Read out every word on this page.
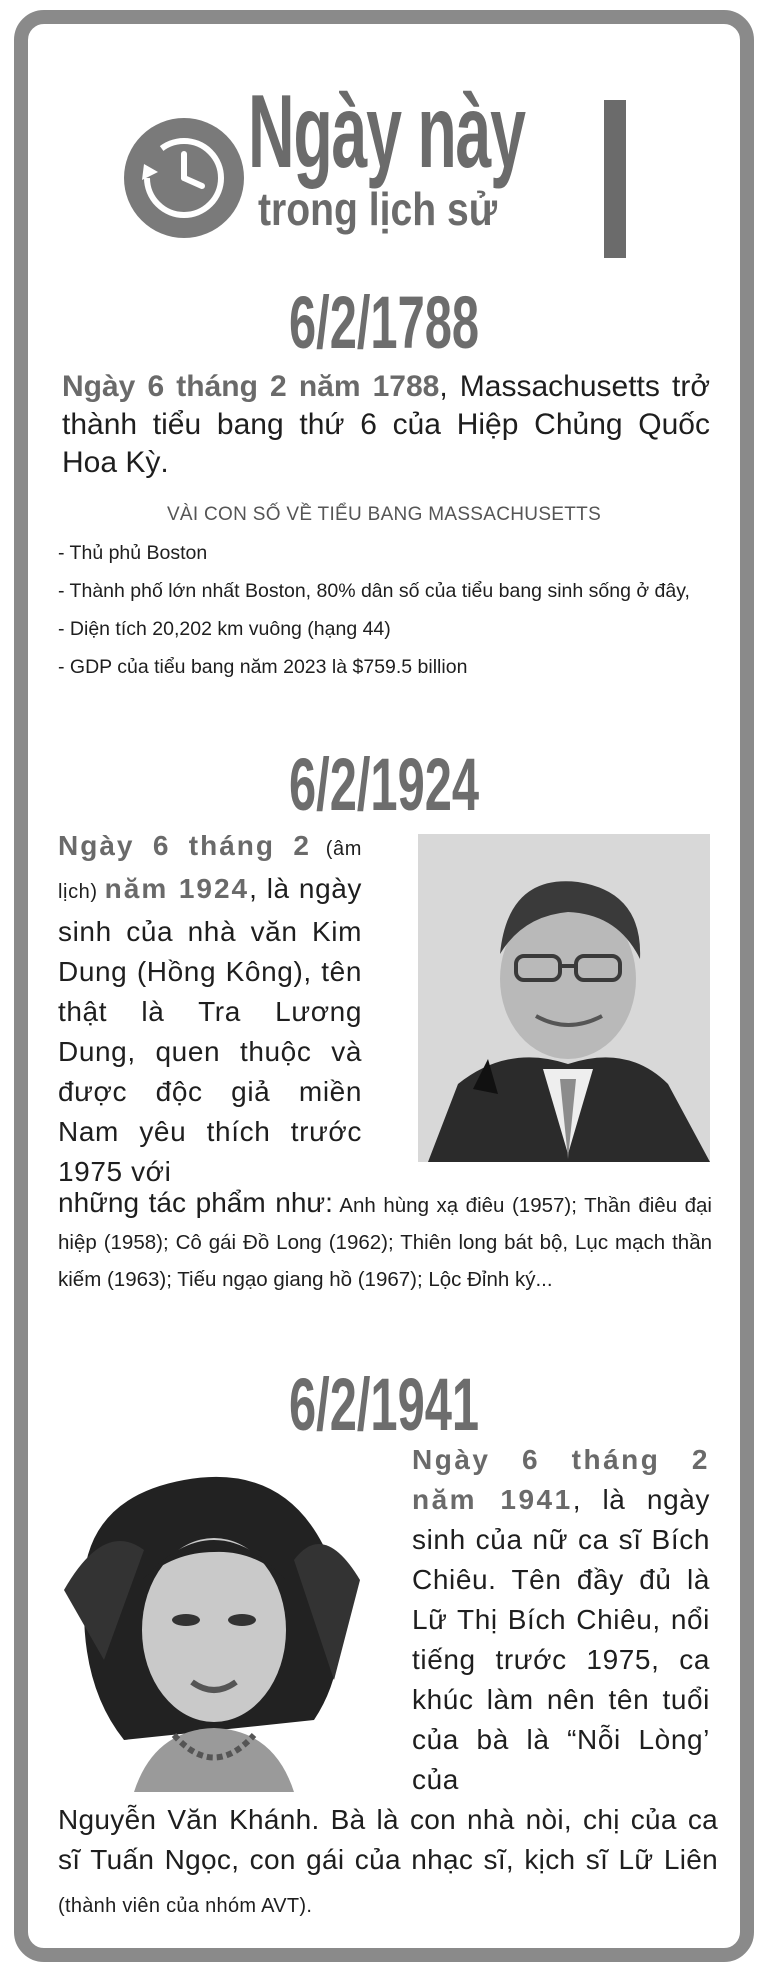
Ngày này
trong lịch sử
6/2/1788
Ngày 6 tháng 2 năm 1788, Massachusetts trở thành tiểu bang thứ 6 của Hiệp Chủng Quốc Hoa Kỳ.
VÀI CON SỐ VỀ TIỂU BANG MASSACHUSETTS
- Thủ phủ Boston
- Thành phố lớn nhất Boston, 80% dân số của tiểu bang sinh sống ở đây,
- Diện tích 20,202 km vuông (hạng 44)
- GDP của tiểu bang năm 2023 là $759.5 billion
6/2/1924
Ngày 6 tháng 2 (âm lịch) năm 1924, là ngày sinh của nhà văn Kim Dung (Hồng Kông), tên thật là Tra Lương Dung, quen thuộc và được độc giả miền Nam yêu thích trước 1975 với
những tác phẩm như: Anh hùng xạ điêu (1957); Thần điêu đại hiệp (1958); Cô gái Đồ Long (1962); Thiên long bát bộ, Lục mạch thần kiếm (1963); Tiếu ngạo giang hồ (1967); Lộc Đỉnh ký...
6/2/1941
Ngày 6 tháng 2 năm 1941, là ngày sinh của nữ ca sĩ Bích Chiêu. Tên đầy đủ là Lữ Thị Bích Chiêu, nổi tiếng trước 1975, ca khúc làm nên tên tuổi của bà là “Nỗi Lòng’ của
Nguyễn Văn Khánh. Bà là con nhà nòi, chị của ca sĩ Tuấn Ngọc, con gái của nhạc sĩ, kịch sĩ Lữ Liên (thành viên của nhóm AVT).
